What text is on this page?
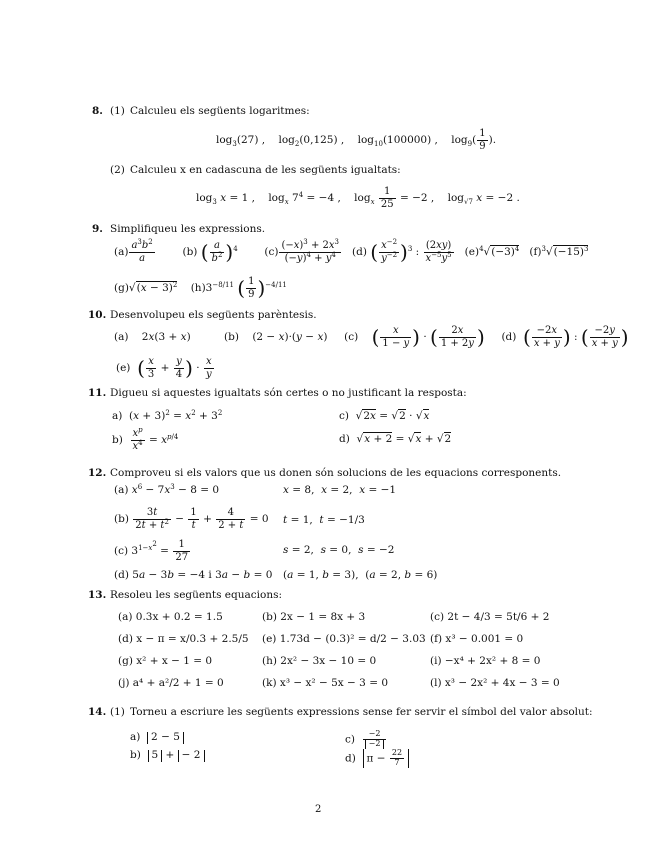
8. (1) Calculeu els següents logaritmes:
$\log_3(27)$ ,    $\log_2(0,125)$ ,    $\log_{10}(100000)$ ,    $\log_9( \frac{1}{9}$ ).
(2) Calculeu x en cadascuna de les següents igualtats:
$\log_3 x = 1$ ,    $\log_x 7^4 = -4$ ,    $\log_x \frac{1}{25} = -2$ ,    $\log_{√7} x = -2$ .
9. Simplifiqueu les expressions.
$(a) \frac{a^3b^2}{a} (b)$ ( $\frac{a}{b^2} )^4$        $(c) \frac{(-x)^3 + 2x^3}{(-y)^4 + y^4} (d)$ ( $\frac{x^{-2}}{y^{-2}} )^3$ : $\frac{(2xy)}{x^{-5}y^5} (e)^4√(-3)^4$   $(f)^3√(-15)^3$
$(g)√(x - 3)^2$    $(h)3^{-8/11}$ ( $\frac{1}{9} )^{-4/11}$
10. Desenvolupeu els següents parèntesis.
(a)    2x(3 + x)          (b)    (2 − x)·(y − x)     (c)    ( $\frac{x}{1 - y}$ ) · ( $\frac{2x}{1 + 2y}$ )     (d)  ( $\frac{-2x}{x + y}$ ) : ( $\frac{-2y}{x + y}$ )
(e)  ( $\frac{x}{3} + \frac{y}{4}$ ) · $\frac{x}{y}$
11. Digueu si aquestes igualtats són certes o no justificant la resposta:
a)  $(x + 3)^2 = x^2 + 3^2$
$b) \frac{x^p}{x^4} = x^{p/4}$
c)  √2x = √2 · √x
d)  √x + 2 = √x + √2
12. Comproveu si els valors que us donen són solucions de les equacions corresponents.
(a) $x^6 - 7x^3 - 8 = 0$	x = 8,  x = 2,  x = −1
$(b) \frac{3t}{2t + t^2} - \frac{1}{t} + \frac{4}{2 + t} = 0$ t = 1,  t = −1/3
(c) $3^{1-x^2} = \frac{1}{27}$	s = 2,  s = 0,  s = −2
(d) 5a − 3b = −4 i 3a − b = 0 (a = 1, b = 3),  (a = 2, b = 6)
13. Resoleu les següents equacions:
(a) 0.3x + 0.2 = 1.5	(b) 2x − 1 = 8x + 3	(c) 2t − 4/3 = 5t/6 + 2
(d) x − π = x/0.3 + 2.5/5 (e) 1.73d − (0.3)² = d/2 − 3.03 (f) x³ − 0.001 = 0
(g) x² + x − 1 = 0	(h) 2x² − 3x − 10 = 0	(i) −x⁴ + 2x² + 8 = 0
(j) a⁴ + a²/2 + 1 = 0	(k) x³ − x² − 5x − 3 = 0	(l) x³ − 2x² + 4x − 3 = 0
14. (1) Torneu a escriure les següents expressions sense fer servir el símbol del valor absolut:
a)  2 − 5
b)  5 + − 2
$c) \frac{-2}{-2}$
d)  $\pi - \frac{22}{7}$
2
